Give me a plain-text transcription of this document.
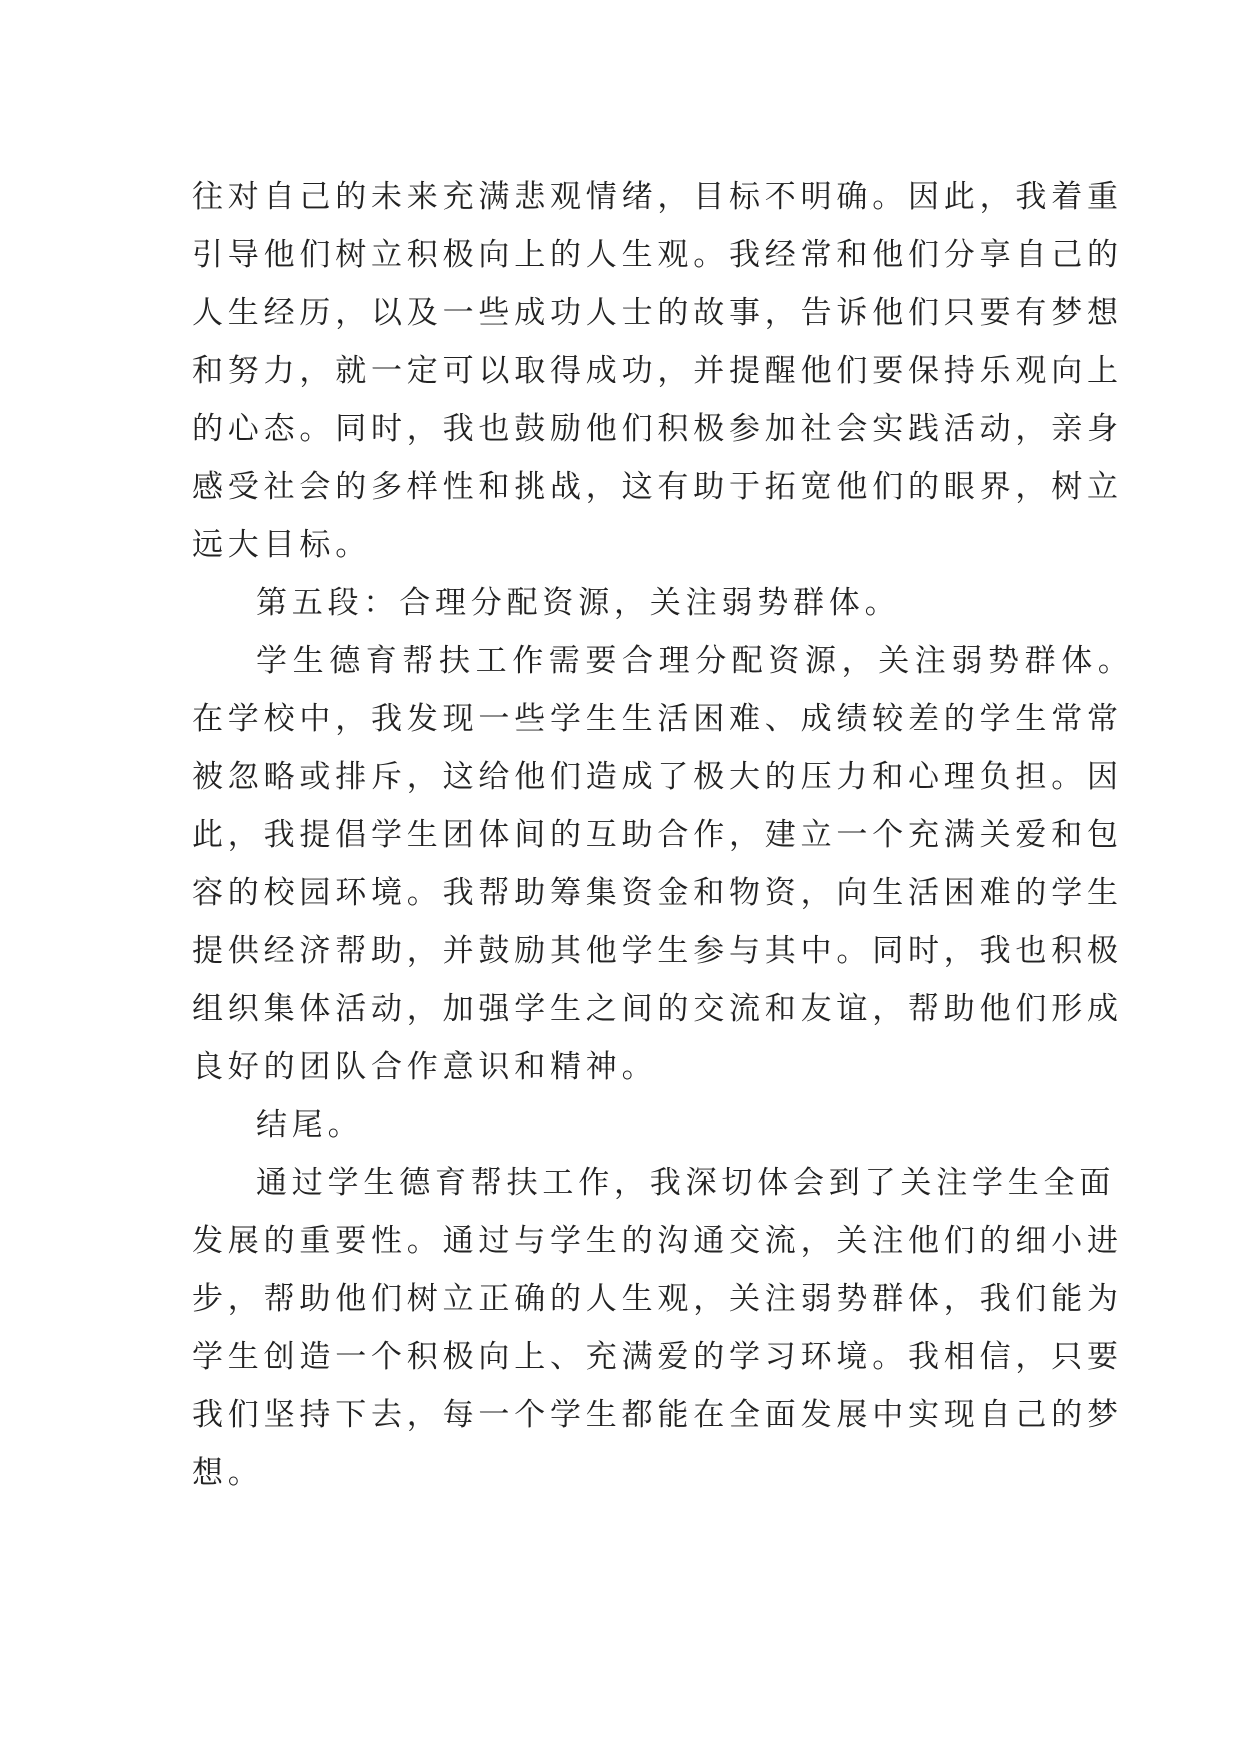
往对自己的未来充满悲观情绪，目标不明确。因此，我着重
引导他们树立积极向上的人生观。我经常和他们分享自己的
人生经历，以及一些成功人士的故事，告诉他们只要有梦想
和努力，就一定可以取得成功，并提醒他们要保持乐观向上
的心态。同时，我也鼓励他们积极参加社会实践活动，亲身
感受社会的多样性和挑战，这有助于拓宽他们的眼界，树立
远大目标。
第五段：合理分配资源，关注弱势群体。
学生德育帮扶工作需要合理分配资源，关注弱势群体。
在学校中，我发现一些学生生活困难、成绩较差的学生常常
被忽略或排斥，这给他们造成了极大的压力和心理负担。因
此，我提倡学生团体间的互助合作，建立一个充满关爱和包
容的校园环境。我帮助筹集资金和物资，向生活困难的学生
提供经济帮助，并鼓励其他学生参与其中。同时，我也积极
组织集体活动，加强学生之间的交流和友谊，帮助他们形成
良好的团队合作意识和精神。
结尾。
通过学生德育帮扶工作，我深切体会到了关注学生全面
发展的重要性。通过与学生的沟通交流，关注他们的细小进
步，帮助他们树立正确的人生观，关注弱势群体，我们能为
学生创造一个积极向上、充满爱的学习环境。我相信，只要
我们坚持下去，每一个学生都能在全面发展中实现自己的梦
想。
